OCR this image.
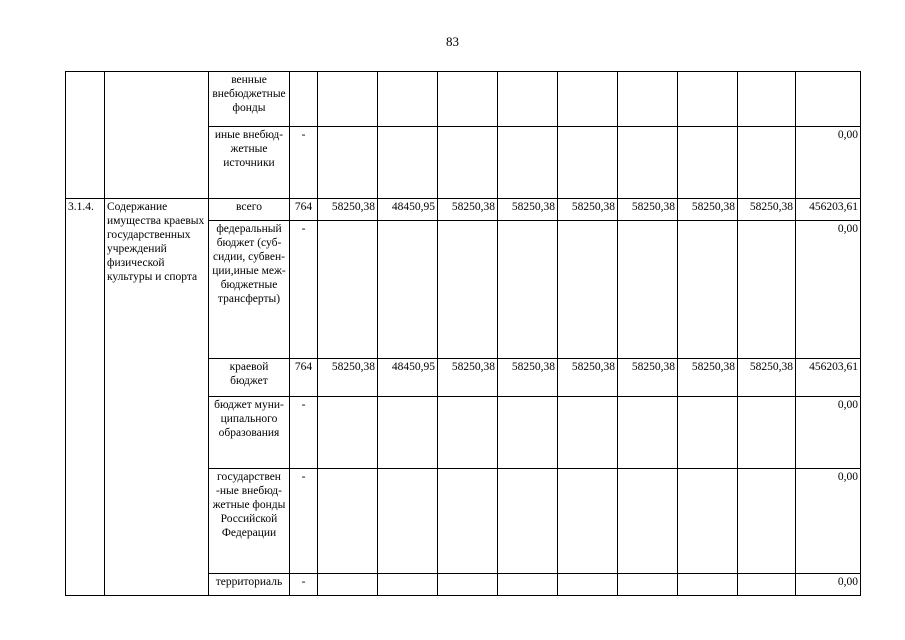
83
		венные внебюджетные фонды										
		иные внебюд-жетные источники	-									0,00
3.1.4.	Содержание имущества краевых государственных учреждений физической культуры и спорта	всего	764	58250,38	48450,95	58250,38	58250,38	58250,38	58250,38	58250,38	58250,38	456203,61
		федеральный бюджет (суб-сидии, субвен-ции,иные меж-бюджетные трансферты)	-									0,00
		краевой бюджет	764	58250,38	48450,95	58250,38	58250,38	58250,38	58250,38	58250,38	58250,38	456203,61
		бюджет муни-ципального образования	-									0,00
		государствен -ные внебюд-жетные фонды Российской Федерации	-									0,00
		территориаль	-									0,00
